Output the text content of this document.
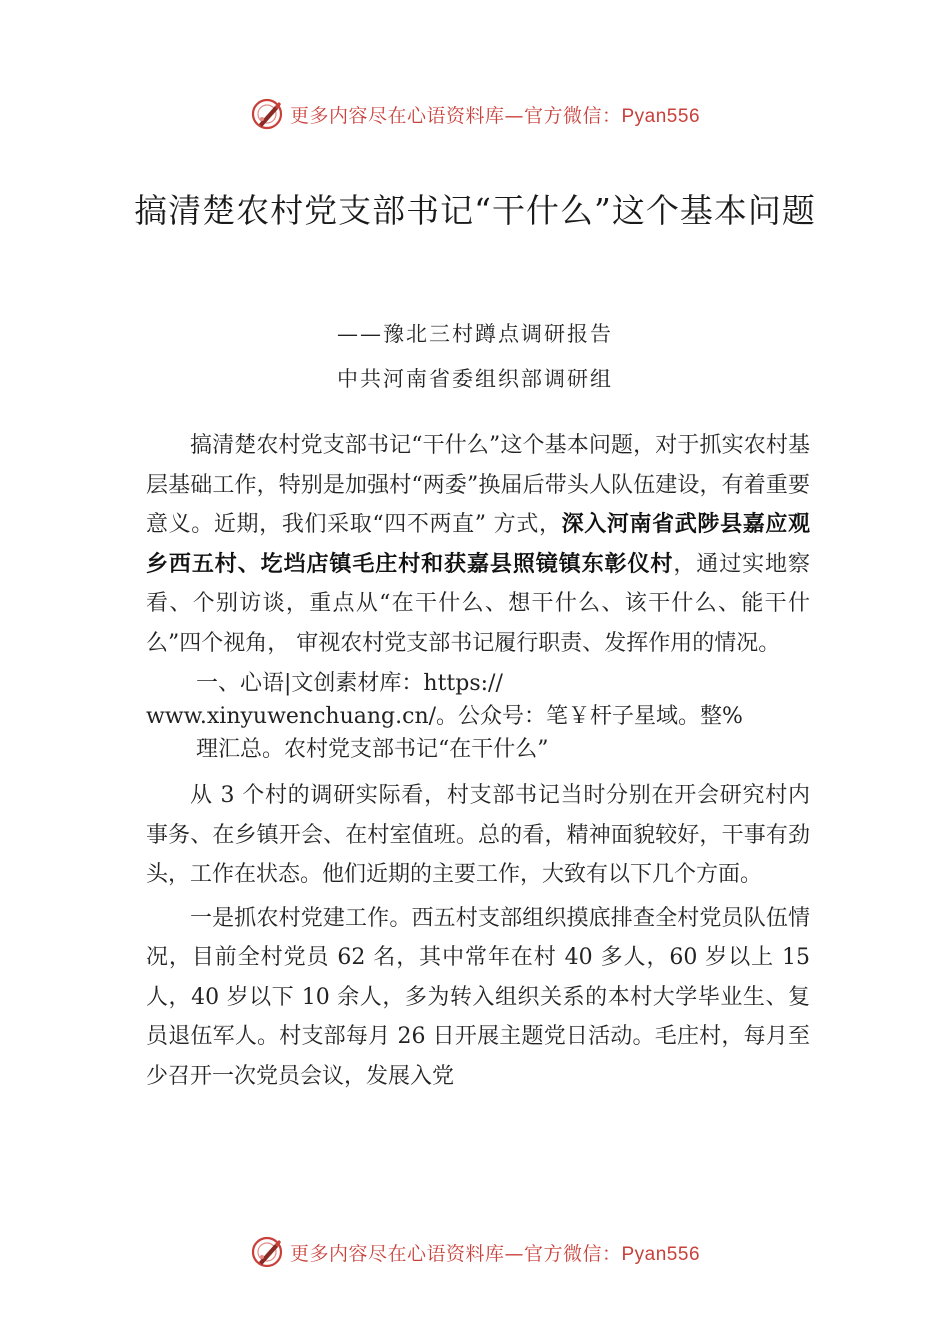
更多内容尽在心语资料库—官方微信：Pyan556
搞清楚农村党支部书记“干什么”这个基本问题
——豫北三村蹲点调研报告
中共河南省委组织部调研组

搞清楚农村党支部书记“干什么”这个基本问题，对于抓实农村基层基础工作，特别是加强村“两委”换届后带头人队伍建设，有着重要意义。近期，我们采取“四不两直” 方式，深入河南省武陟县嘉应观乡西五村、圪垱店镇毛庄村和获嘉县照镜镇东彰仪村，通过实地察看、个别访谈，重点从“在干什么、想干什么、该干什么、能干什么”四个视角， 审视农村党支部书记履行职责、发挥作用的情况。

一、心语|文创素材库：https://
www.xinyuwenchuang.cn/。公众号：笔￥杆子星域。整%
理汇总。农村党支部书记“在干什么”

从 3 个村的调研实际看，村支部书记当时分别在开会研究村内事务、在乡镇开会、在村室值班。总的看，精神面貌较好，干事有劲头，工作在状态。他们近期的主要工作，大致有以下几个方面。

一是抓农村党建工作。西五村支部组织摸底排查全村党员队伍情况，目前全村党员 62 名，其中常年在村 40 多人，60 岁以上 15 人，40 岁以下 10 余人，多为转入组织关系的本村大学毕业生、复员退伍军人。村支部每月 26 日开展主题党日活动。毛庄村，每月至少召开一次党员会议，发展入党

更多内容尽在心语资料库—官方微信：Pyan556
